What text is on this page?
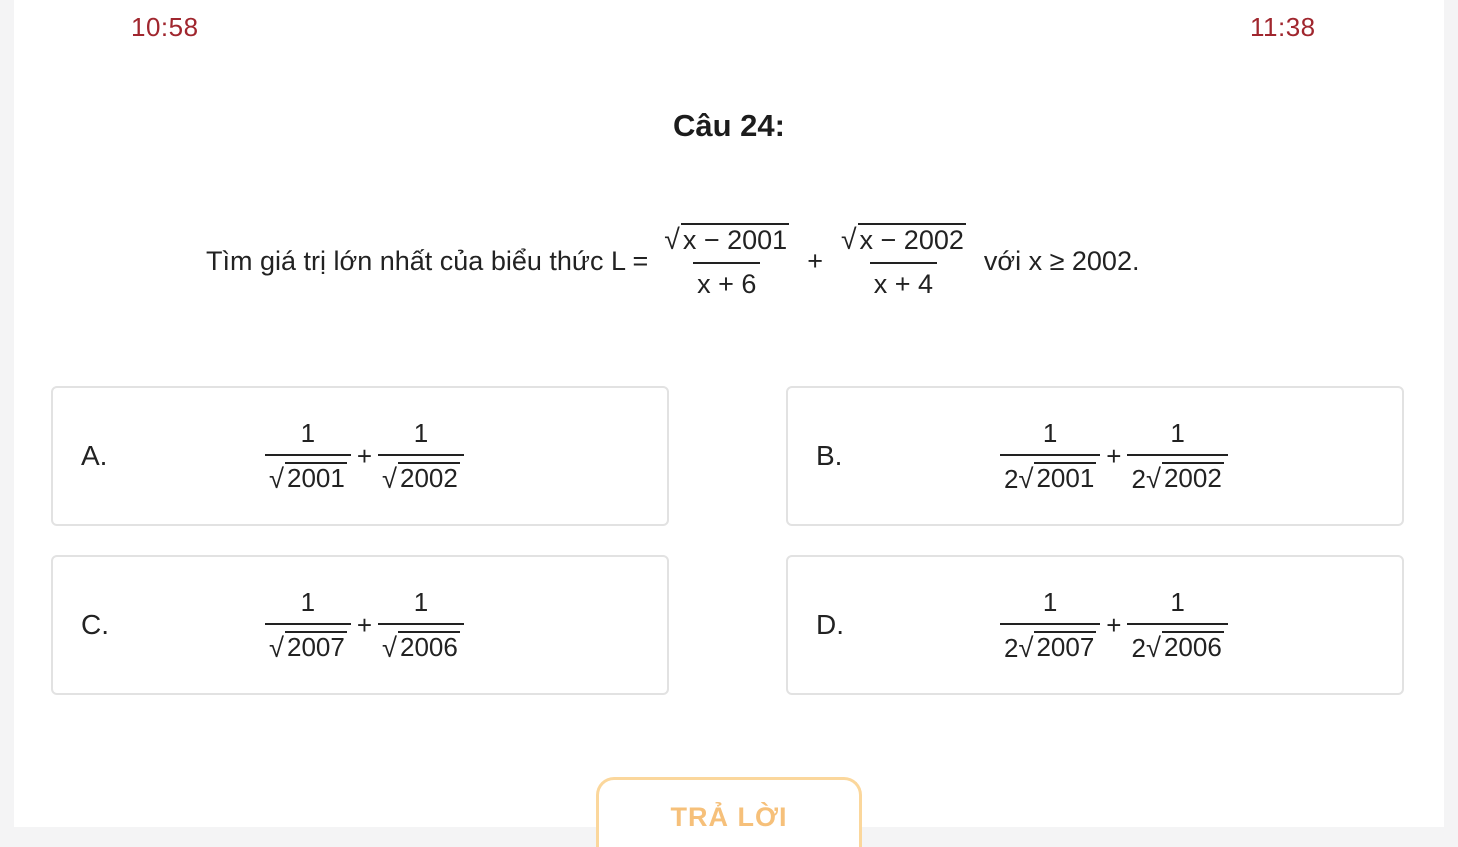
10:58	11:38
Câu 24:
Tìm giá trị lớn nhất của biểu thức $L = \frac{√ x - 2001}{x + 6} + \frac{√ x - 2002}{x + 4}$ với x ≥ 2002.
A.	$\frac{1}{√ 2001} + \frac{1}{√ 2002}$	B.	$\frac{1}{2 √ 2001} + \frac{1}{2 √ 2002}$
C.	$\frac{1}{√ 2007} + \frac{1}{√ 2006}$	D.	$\frac{1}{2 √ 2007} + \frac{1}{2 √ 2006}$
TRẢ LỜI
